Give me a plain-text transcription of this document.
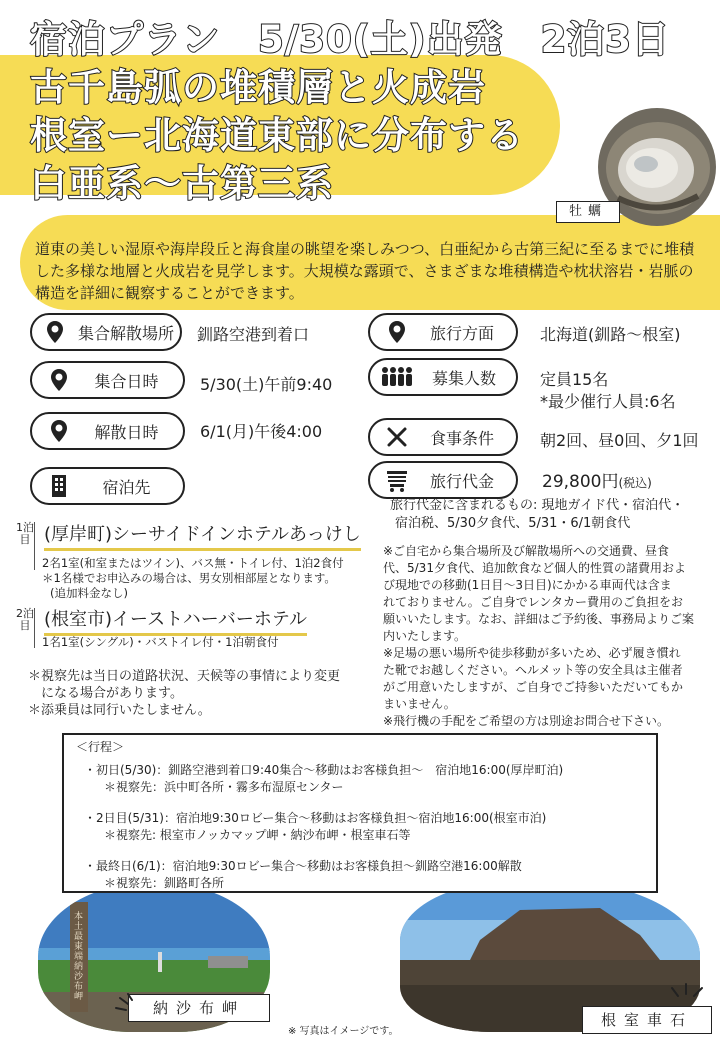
宿泊プラン　5/30(土)出発　2泊3日
古千島弧の堆積層と火成岩
根室ー北海道東部に分布する
白亜系～古第三系
牡蠣
道東の美しい湿原や海岸段丘と海食崖の眺望を楽しみつつ、白亜紀から古第三紀に至るまでに堆積した多様な地層と火成岩を見学します。大規模な露頭で、さまざまな堆積構造や枕状溶岩・岩脈の構造を詳細に観察することができます。
集合解散場所	釧路空港到着口
集合日時	5/30(土)午前9:40
解散日時	6/1(月)午後4:00
宿泊先
旅行方面	北海道(釧路～根室)
募集人数	定員15名
*最少催行人員:6名
食事条件	朝2回、昼0回、夕1回
旅行代金	29,800円(税込)
旅行代金に含まれるもの: 現地ガイド代・宿泊代・
宿泊税、5/30夕食代、5/31・6/1朝食代
1泊目 (厚岸町)シーサイドインホテルあっけし
2名1室(和室またはツイン)、バス無・トイレ付、1泊2食付
＊1名様でお申込みの場合は、男女別相部屋となります。
(追加料金なし)
2泊目 (根室市)イーストハーバーホテル
1名1室(シングル)・バストイレ付・1泊朝食付
＊視察先は当日の道路状況、天候等の事情により変更
　になる場合があります。
＊添乗員は同行いたしません。
※ご自宅から集合場所及び解散場所への交通費、昼食
代、5/31夕食代、追加飲食など個人的性質の諸費用およ
び現地での移動(1日目～3日目)にかかる車両代は含ま
れておりません。ご自身でレンタカー費用のご負担をお
願いいたします。なお、詳細はご予約後、事務局よりご案
内いたします。
※足場の悪い場所や徒歩移動が多いため、必ず履き慣れ
た靴でお越しください。ヘルメット等の安全具は主催者
がご用意いたしますが、ご自身でご持参いただいてもか
まいません。
※飛行機の手配をご希望の方は別途お問合せ下さい。
本土最東端 納沙布岬
＜行程＞
・初日(5/30)：釧路空港到着口9:40集合～移動はお客様負担～　宿泊地16:00(厚岸町泊)
＊視察先：浜中町各所・霧多布湿原センター
・2日目(5/31)：宿泊地9:30ロビー集合～移動はお客様負担～宿泊地16:00(根室市泊)
＊視察先: 根室市ノッカマップ岬・納沙布岬・根室車石等
・最終日(6/1)：宿泊地9:30ロビー集合～移動はお客様負担～釧路空港16:00解散
＊視察先：釧路町各所
納沙布岬
根室車石
※ 写真はイメージです。
